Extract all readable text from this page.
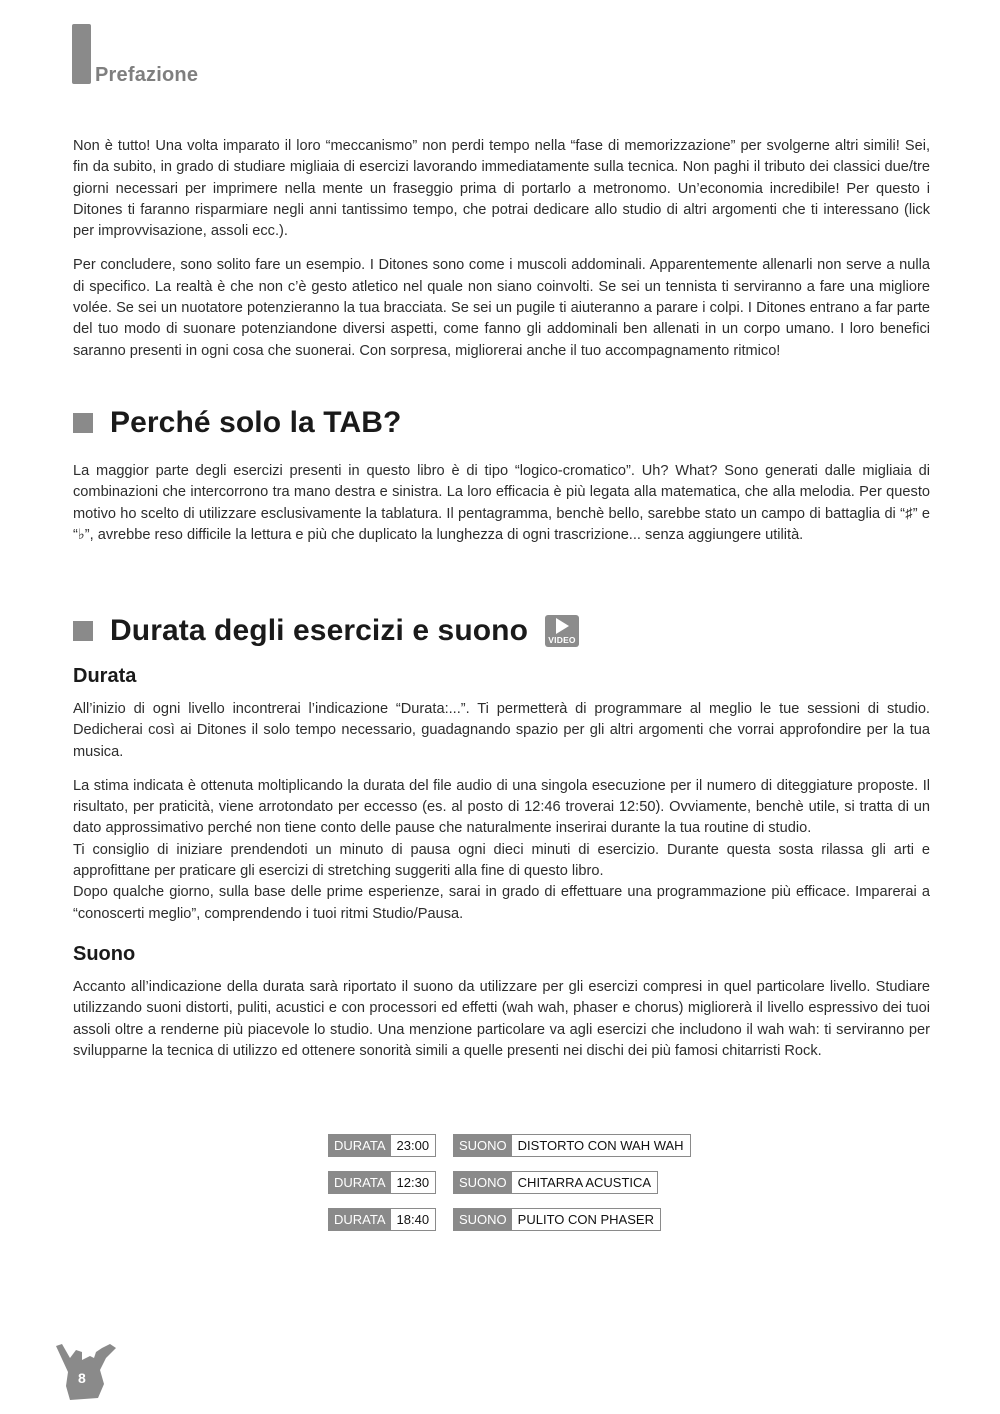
Prefazione

Non è tutto! Una volta imparato il loro “meccanismo” non perdi tempo nella “fase di memorizzazione” per svolgerne altri simili! Sei, fin da subito, in grado di studiare migliaia di esercizi lavorando immediatamente sulla tecnica. Non paghi il tributo dei classici due/tre giorni necessari per imprimere nella mente un fraseggio prima di portarlo a metronomo. Un’economia incredibile! Per questo i Ditones ti faranno risparmiare negli anni tantissimo tempo, che potrai dedicare allo studio di altri argomenti che ti interessano (lick per improvvisazione, assoli ecc.).

Per concludere, sono solito fare un esempio. I Ditones sono come i muscoli addominali. Apparentemente allenarli non serve a nulla di specifico. La realtà è che non c’è gesto atletico nel quale non siano coinvolti. Se sei un tennista ti serviranno a fare una migliore volée. Se sei un nuotatore potenzieranno la tua bracciata. Se sei un pugile ti aiuteranno a parare i colpi. I Ditones entrano a far parte del tuo modo di suonare potenziandone diversi aspetti, come fanno gli addominali ben allenati in un corpo umano. I loro benefici saranno presenti in ogni cosa che suonerai. Con sorpresa, migliorerai anche il tuo accompagnamento ritmico!

Perché solo la TAB?

La maggior parte degli esercizi presenti in questo libro è di tipo “logico-cromatico”. Uh? What? Sono generati dalle migliaia di combinazioni che intercorrono tra mano destra e sinistra. La loro efficacia è più legata alla matematica, che alla melodia. Per questo motivo ho scelto di utilizzare esclusivamente la tablatura. Il pentagramma, benchè bello, sarebbe stato un campo di battaglia di “♯” e “♭”, avrebbe reso difficile la lettura e più che duplicato la lunghezza di ogni trascrizione... senza aggiungere utilità.

Durata degli esercizi e suono	VIDEO
Durata

All’inizio di ogni livello incontrerai l’indicazione “Durata:...”. Ti permetterà di programmare al meglio le tue sessioni di studio. Dedicherai così ai Ditones il solo tempo necessario, guadagnando spazio per gli altri argomenti che vorrai approfondire per la tua musica.

La stima indicata è ottenuta moltiplicando la durata del file audio di una singola esecuzione per il numero di diteggiature proposte. Il risultato, per praticità, viene arrotondato per eccesso (es. al posto di 12:46 troverai 12:50). Ovviamente, benchè utile, si tratta di un dato approssimativo perché non tiene conto delle pause che naturalmente inserirai durante la tua routine di studio.

Ti consiglio di iniziare prendendoti un minuto di pausa ogni dieci minuti di esercizio. Durante questa sosta rilassa gli arti e approfittane per praticare gli esercizi di stretching suggeriti alla fine di questo libro.

Dopo qualche giorno, sulla base delle prime esperienze, sarai in grado di effettuare una programmazione più efficace. Imparerai a “conoscerti meglio”, comprendendo i tuoi ritmi Studio/Pausa.

Suono

Accanto all’indicazione della durata sarà riportato il suono da utilizzare per gli esercizi compresi in quel particolare livello. Studiare utilizzando suoni distorti, puliti, acustici e con processori ed effetti (wah wah, phaser e chorus) migliorerà il livello espressivo dei tuoi assoli oltre a renderne più piacevole lo studio. Una menzione particolare va agli esercizi che includono il wah wah: ti serviranno per svilupparne la tecnica di utilizzo ed ottenere sonorità simili a quelle presenti nei dischi dei più famosi chitarristi Rock.

DURATA 23:00	SUONO DISTORTO CON WAH WAH
DURATA 12:30	SUONO CHITARRA ACUSTICA
DURATA 18:40	SUONO PULITO CON PHASER
8
